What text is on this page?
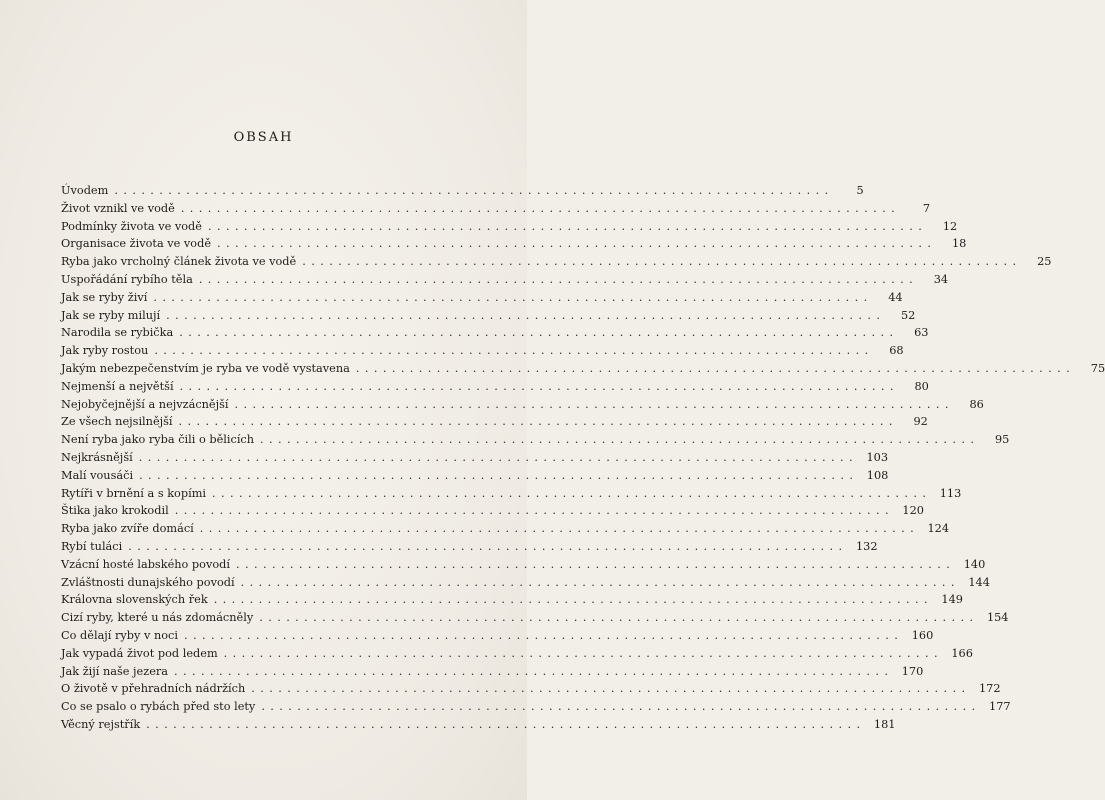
OBSAH
Úvodem ................................................................................	5
Život vznikl ve vodě ................................................................................	7
Podmínky života ve vodě ................................................................................	12
Organisace života ve vodě ................................................................................	18
Ryba jako vrcholný článek života ve vodě ................................................................................	25
Uspořádání rybího těla ................................................................................	34
Jak se ryby živí ................................................................................	44
Jak se ryby milují ................................................................................	52
Narodila se rybička ................................................................................	63
Jak ryby rostou ................................................................................	68
Jakým nebezpečenstvím je ryba ve vodě vystavena ................................................................................	75
Nejmenší a největší ................................................................................	80
Nejobyčejnější a nejvzácnější ................................................................................	86
Ze všech nejsilnější ................................................................................	92
Není ryba jako ryba čili o bělicích ................................................................................	95
Nejkrásnější ................................................................................ 103
Malí vousáči ................................................................................ 108
Rytíři v brnění a s kopími ................................................................................ 113
Štika jako krokodil ................................................................................ 120
Ryba jako zvíře domácí ................................................................................ 124
Rybí tuláci ................................................................................ 132
Vzácní hosté labského povodí ................................................................................ 140
Zvláštnosti dunajského povodí ................................................................................ 144
Královna slovenských řek ................................................................................ 149
Cizí ryby, které u nás zdomácněly ................................................................................ 154
Co dělají ryby v noci ................................................................................ 160
Jak vypadá život pod ledem ................................................................................ 166
Jak žijí naše jezera ................................................................................ 170
O životě v přehradních nádržích ................................................................................ 172
Co se psalo o rybách před sto lety ................................................................................ 177
Věcný rejstřík ................................................................................ 181
